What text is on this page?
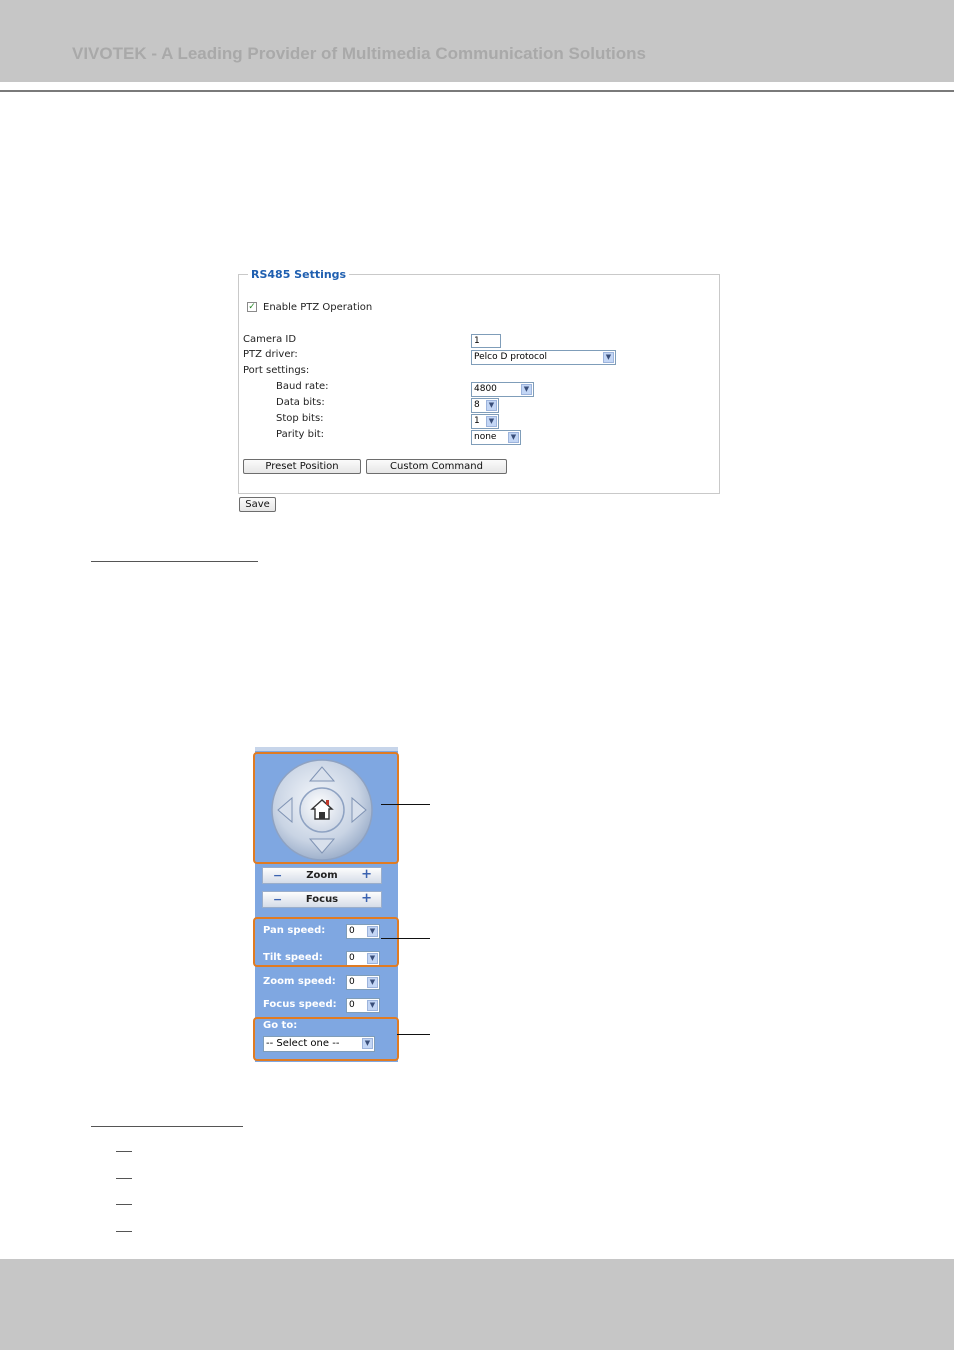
VIVOTEK - A Leading Provider of Multimedia Communication Solutions
RS485 Settings
✓ Enable PTZ Operation
Camera ID	1
PTZ driver:	Pelco D protocol	▼
Port settings:
Baud rate:	4800	▼
Data bits:	8	▼
Stop bits:	1	▼
Parity bit:	none	▼
Preset Position	Custom Command
Save
− Zoom +
− Focus +
Pan speed:	0	▼
Tilt speed:	0	▼
Zoom speed:	0	▼
Focus speed:	0	▼
Go to:
-- Select one --	▼
